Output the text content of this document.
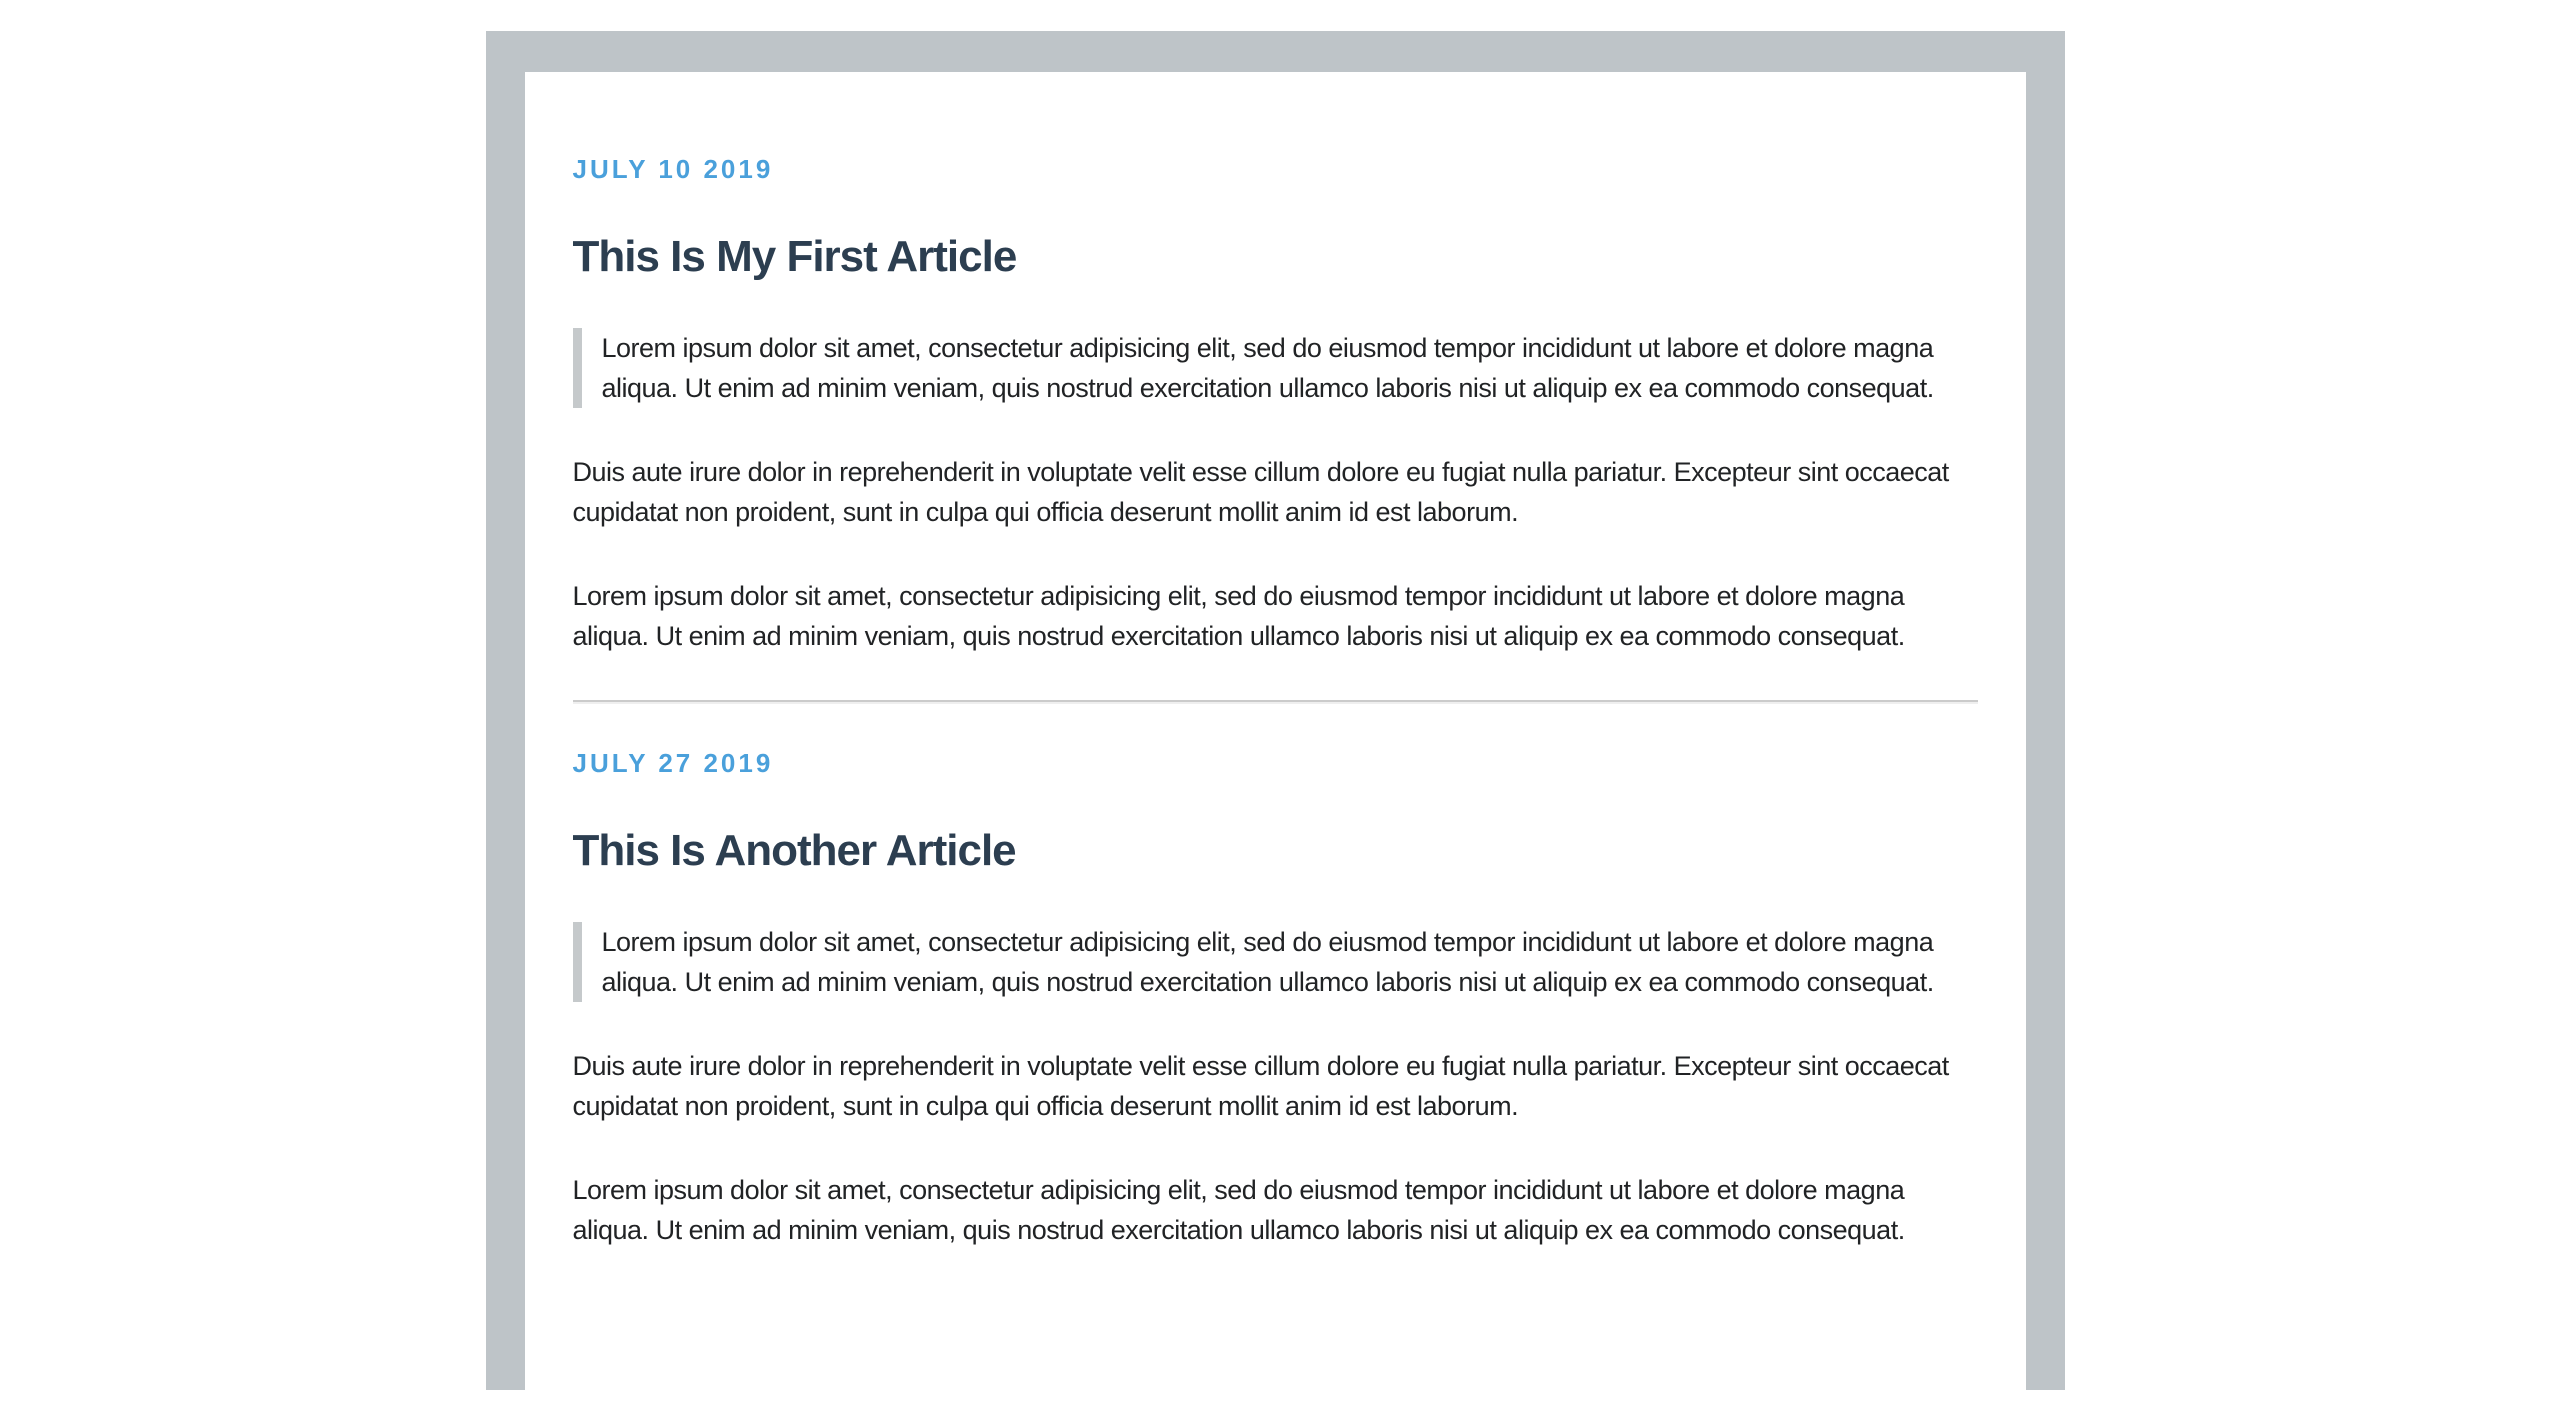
JULY 10 2019
This Is My First Article
Lorem ipsum dolor sit amet, consectetur adipisicing elit, sed do eiusmod tempor incididunt ut labore et dolore magna aliqua. Ut enim ad minim veniam, quis nostrud exercitation ullamco laboris nisi ut aliquip ex ea commodo consequat.

Duis aute irure dolor in reprehenderit in voluptate velit esse cillum dolore eu fugiat nulla pariatur. Excepteur sint occaecat cupidatat non proident, sunt in culpa qui officia deserunt mollit anim id est laborum.

Lorem ipsum dolor sit amet, consectetur adipisicing elit, sed do eiusmod tempor incididunt ut labore et dolore magna aliqua. Ut enim ad minim veniam, quis nostrud exercitation ullamco laboris nisi ut aliquip ex ea commodo consequat.

JULY 27 2019
This Is Another Article
Lorem ipsum dolor sit amet, consectetur adipisicing elit, sed do eiusmod tempor incididunt ut labore et dolore magna aliqua. Ut enim ad minim veniam, quis nostrud exercitation ullamco laboris nisi ut aliquip ex ea commodo consequat.

Duis aute irure dolor in reprehenderit in voluptate velit esse cillum dolore eu fugiat nulla pariatur. Excepteur sint occaecat cupidatat non proident, sunt in culpa qui officia deserunt mollit anim id est laborum.

Lorem ipsum dolor sit amet, consectetur adipisicing elit, sed do eiusmod tempor incididunt ut labore et dolore magna aliqua. Ut enim ad minim veniam, quis nostrud exercitation ullamco laboris nisi ut aliquip ex ea commodo consequat.
